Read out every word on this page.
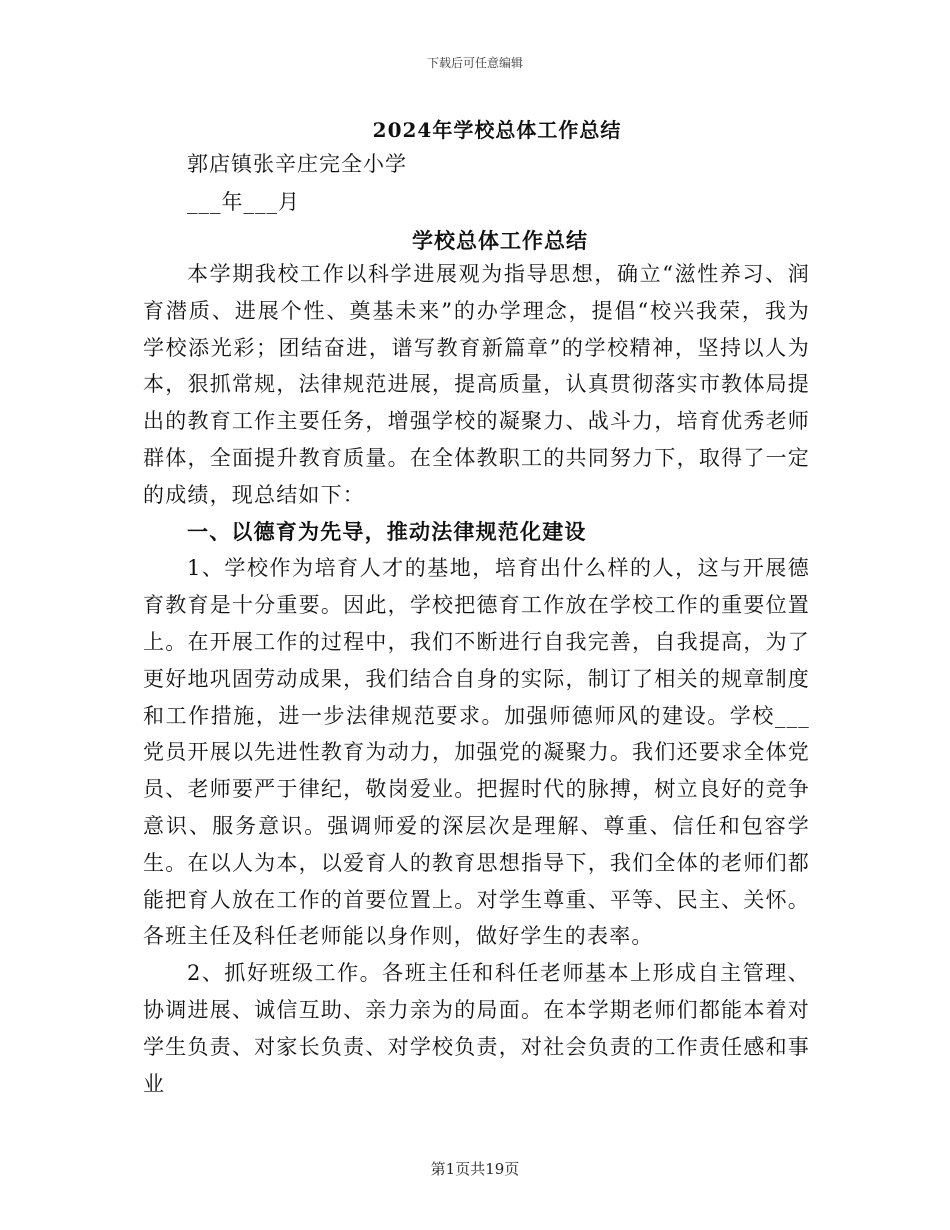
下载后可任意编辑
2024年学校总体工作总结
郭店镇张辛庄完全小学
___年___月
学校总体工作总结

本学期我校工作以科学进展观为指导思想，确立“滋性养习、润育潜质、进展个性、奠基未来”的办学理念，提倡“校兴我荣，我为学校添光彩；团结奋进，谱写教育新篇章”的学校精神，坚持以人为本，狠抓常规，法律规范进展，提高质量，认真贯彻落实市教体局提出的教育工作主要任务，增强学校的凝聚力、战斗力，培育优秀老师群体，全面提升教育质量。在全体教职工的共同努力下，取得了一定的成绩，现总结如下：

一、以德育为先导，推动法律规范化建设

1、学校作为培育人才的基地，培育出什么样的人，这与开展德育教育是十分重要。因此，学校把德育工作放在学校工作的重要位置上。在开展工作的过程中，我们不断进行自我完善，自我提高，为了更好地巩固劳动成果，我们结合自身的实际，制订了相关的规章制度和工作措施，进一步法律规范要求。加强师德师风的建设。学校___党员开展以先进性教育为动力，加强党的凝聚力。我们还要求全体党员、老师要严于律纪，敬岗爱业。把握时代的脉搏，树立良好的竞争意识、服务意识。强调师爱的深层次是理解、尊重、信任和包容学生。在以人为本，以爱育人的教育思想指导下，我们全体的老师们都能把育人放在工作的首要位置上。对学生尊重、平等、民主、关怀。各班主任及科任老师能以身作则，做好学生的表率。

2、抓好班级工作。各班主任和科任老师基本上形成自主管理、协调进展、诚信互助、亲力亲为的局面。在本学期老师们都能本着对学生负责、对家长负责、对学校负责，对社会负责的工作责任感和事业

第1页共19页
